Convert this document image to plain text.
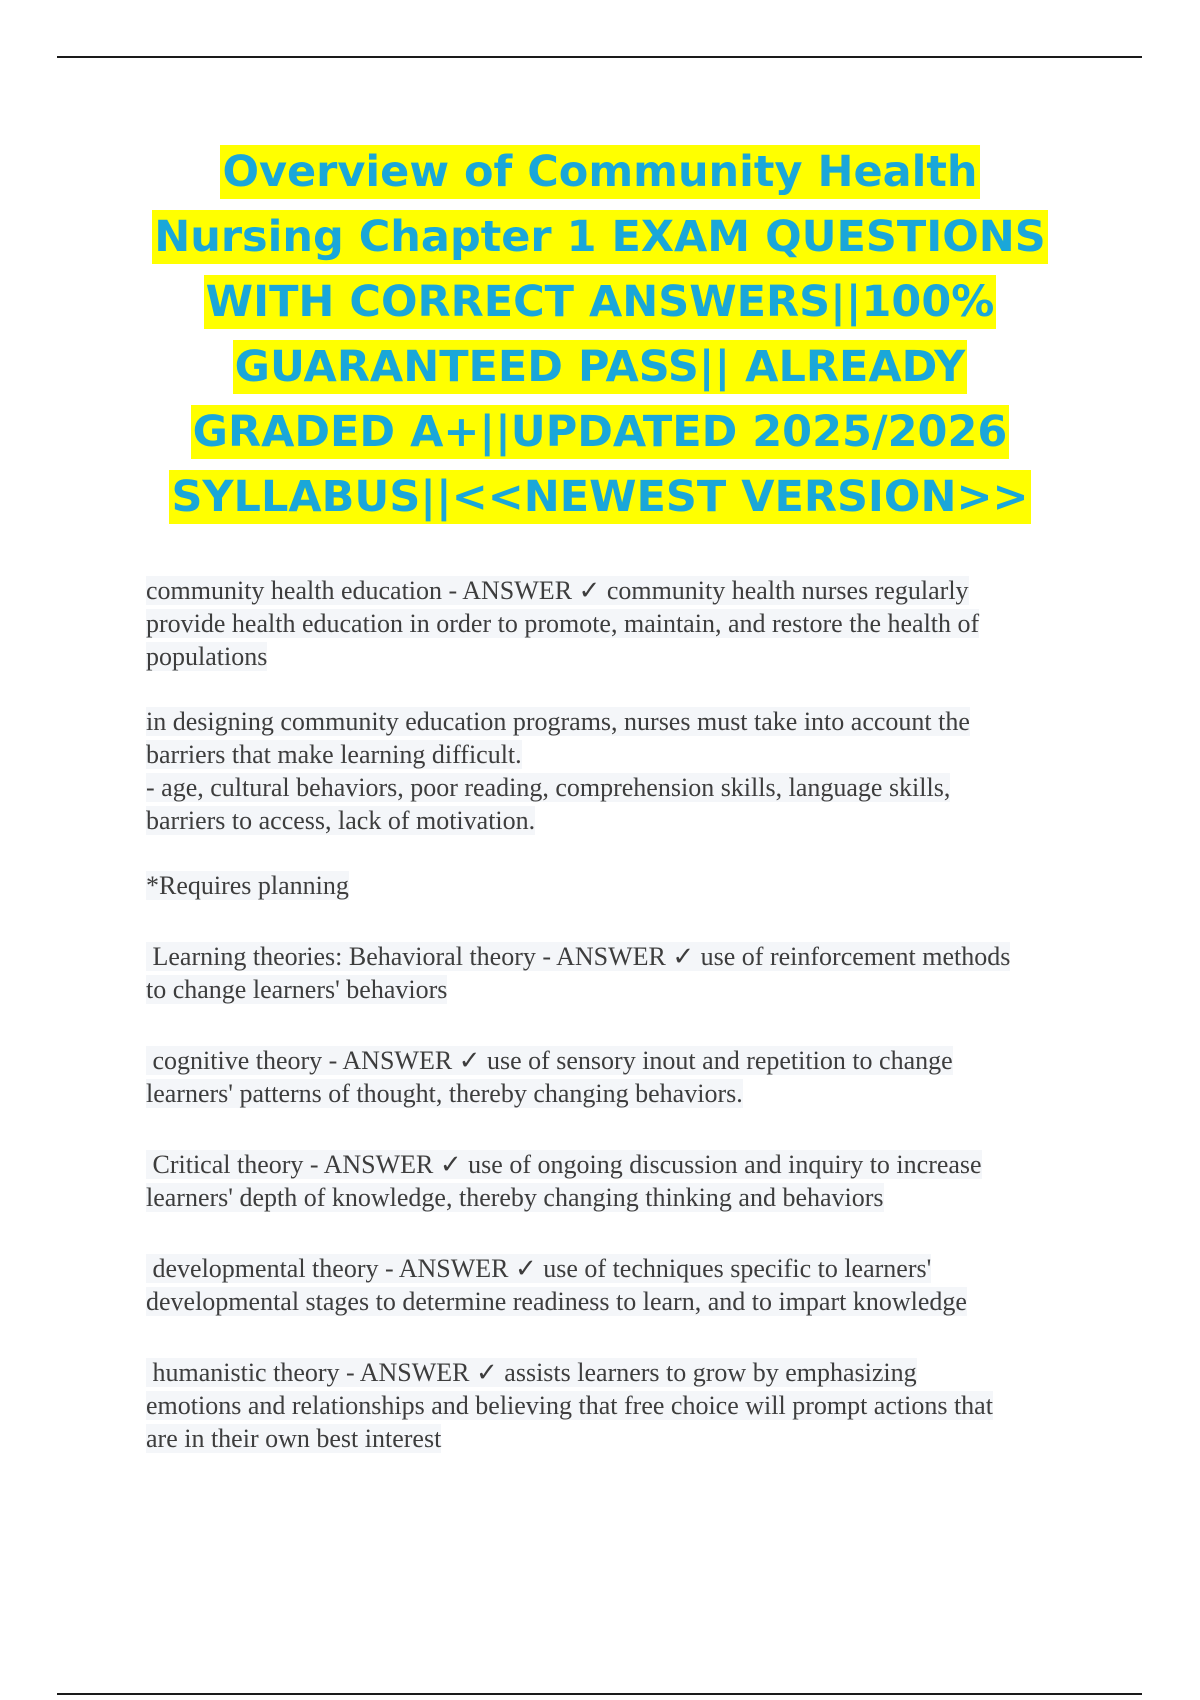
Overview of Community Health
Nursing Chapter 1 EXAM QUESTIONS
WITH CORRECT ANSWERS||100%
GUARANTEED PASS|| ALREADY
GRADED A+||UPDATED 2025/2026
SYLLABUS||<<NEWEST VERSION>>

community health education - ANSWER ✓ community health nurses regularly
provide health education in order to promote, maintain, and restore the health of
populations

in designing community education programs, nurses must take into account the
barriers that make learning difficult.
- age, cultural behaviors, poor reading, comprehension skills, language skills,
barriers to access, lack of motivation.

*Requires planning

Learning theories: Behavioral theory - ANSWER ✓ use of reinforcement methods
to change learners' behaviors

cognitive theory - ANSWER ✓ use of sensory inout and repetition to change
learners' patterns of thought, thereby changing behaviors.

Critical theory - ANSWER ✓ use of ongoing discussion and inquiry to increase
learners' depth of knowledge, thereby changing thinking and behaviors

developmental theory - ANSWER ✓ use of techniques specific to learners'
developmental stages to determine readiness to learn, and to impart knowledge

humanistic theory - ANSWER ✓ assists learners to grow by emphasizing
emotions and relationships and believing that free choice will prompt actions that
are in their own best interest
